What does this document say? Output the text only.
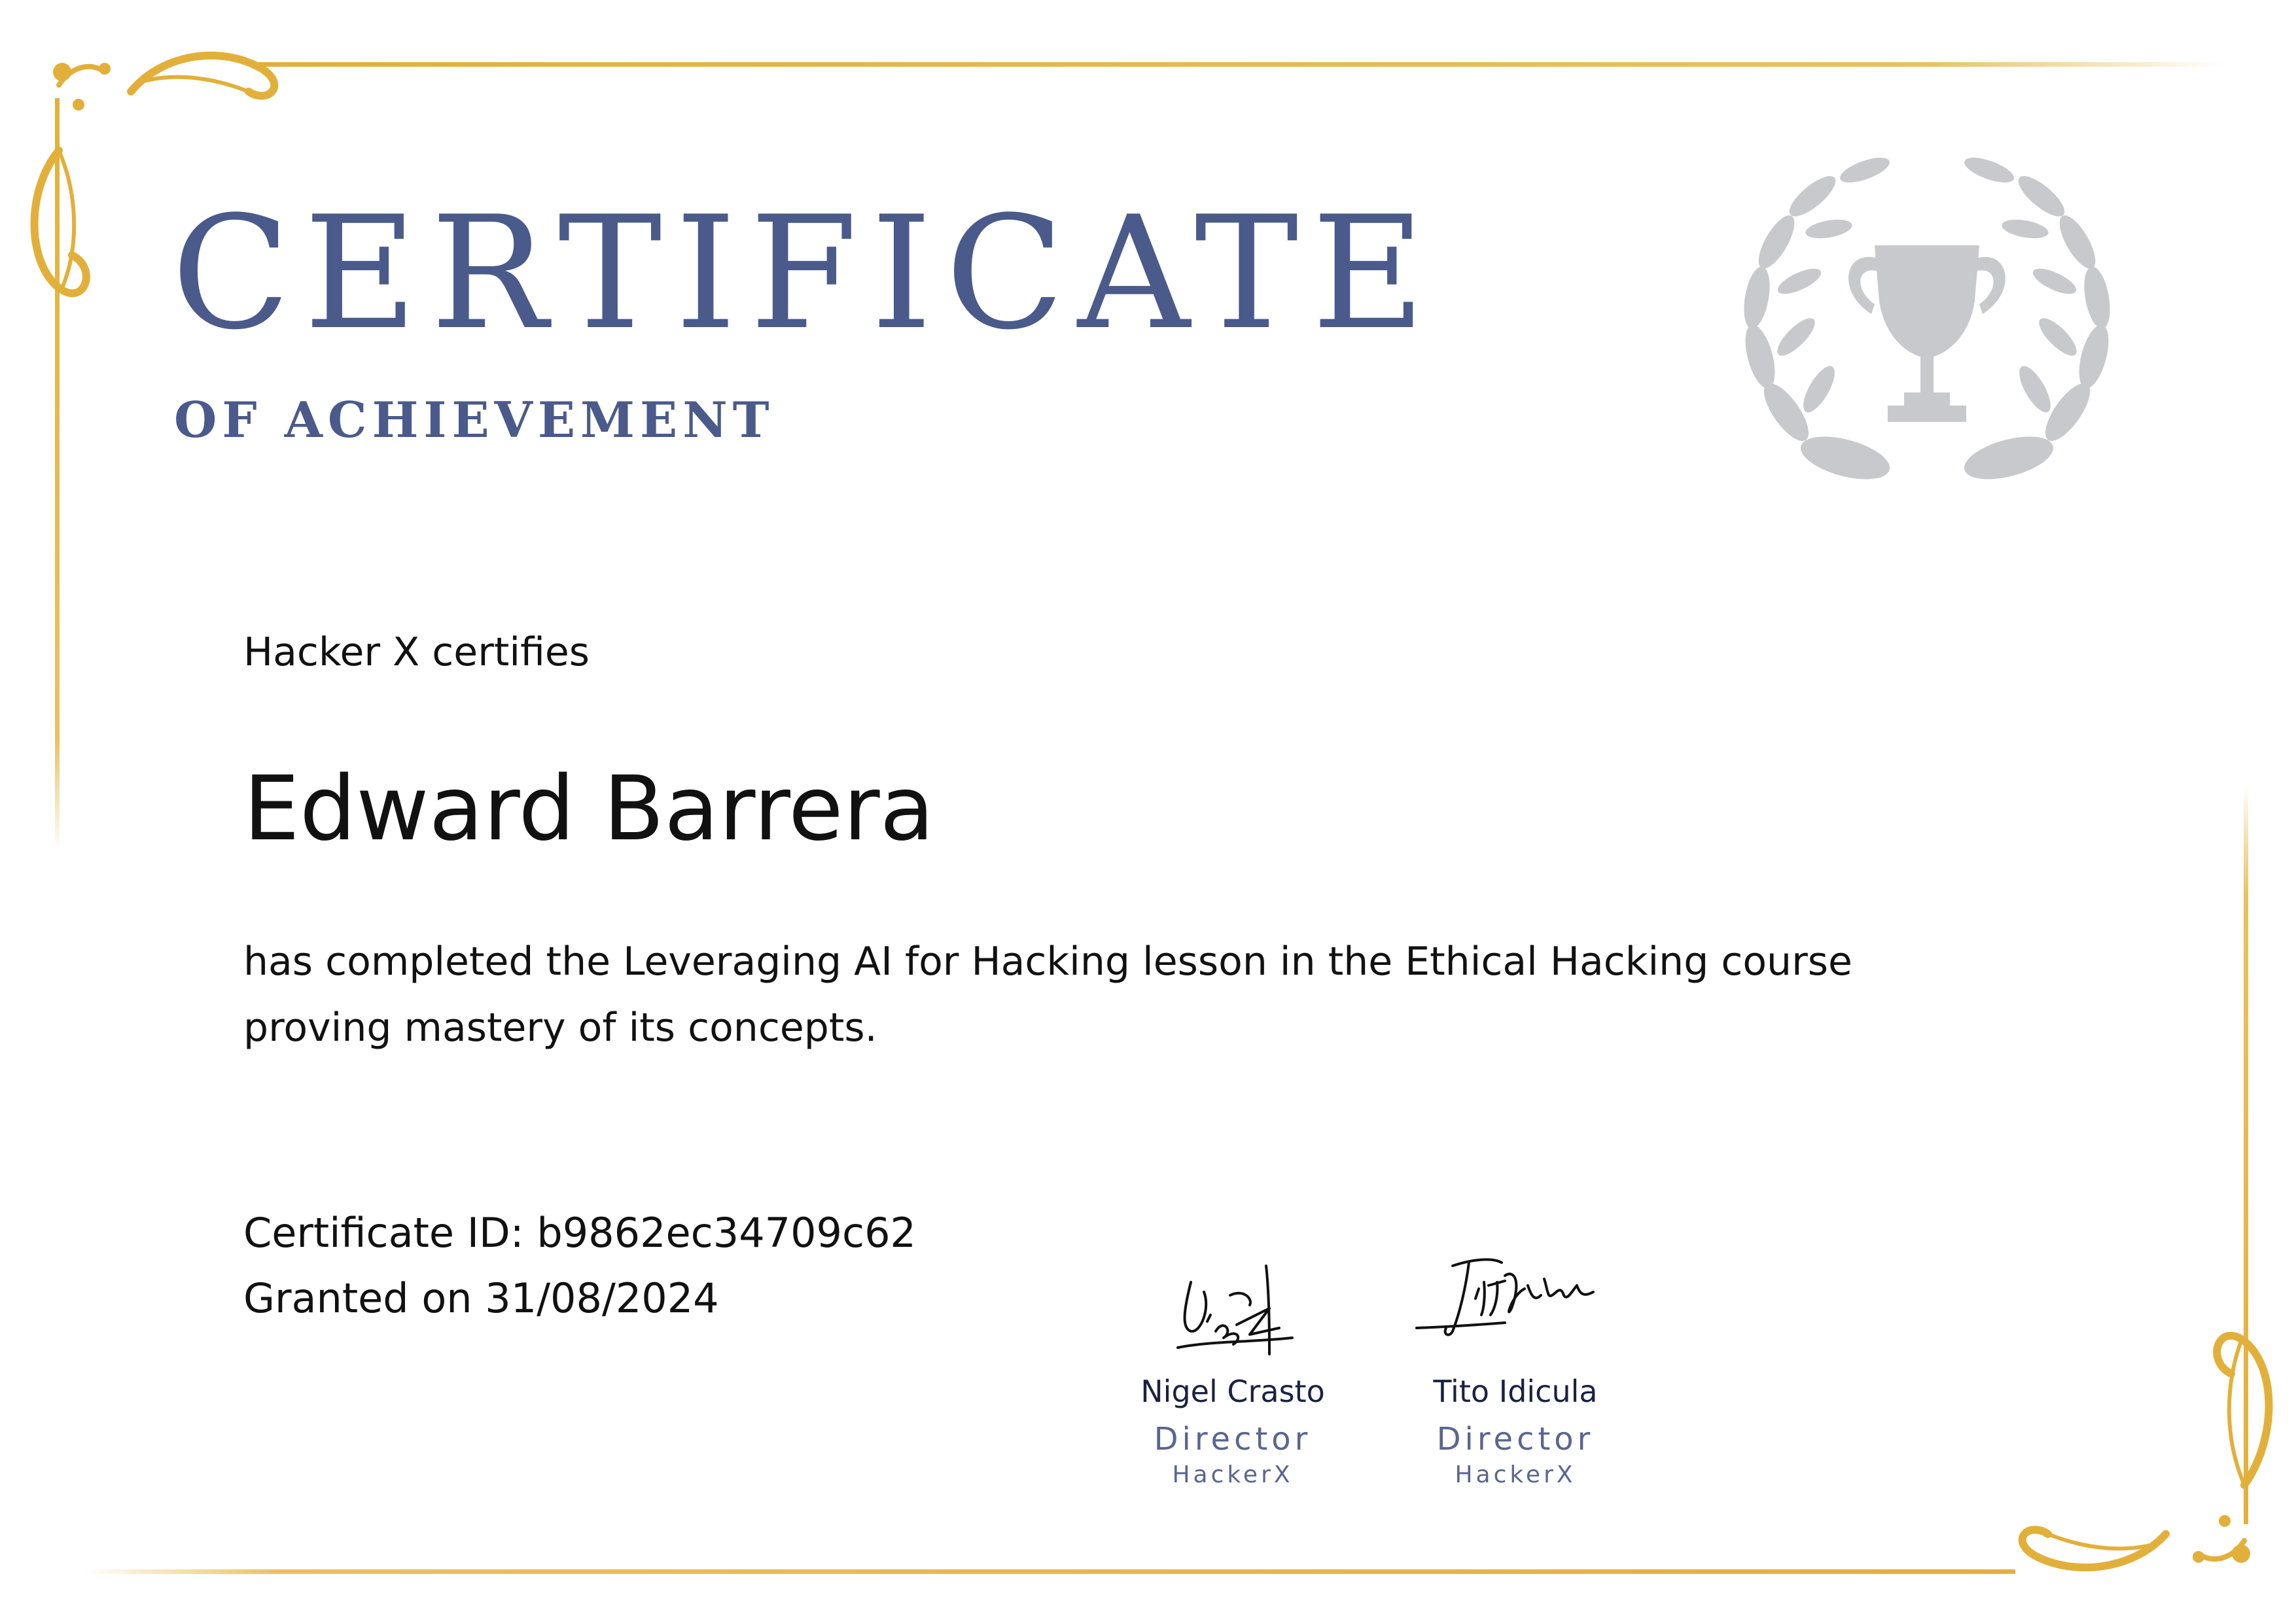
CERTIFICATE
OF ACHIEVEMENT
Hacker X certifies
Edward Barrera
has completed the Leveraging AI for Hacking lesson in the Ethical Hacking course
proving mastery of its concepts.
Certificate ID: b9862ec34709c62
Granted on 31/08/2024
Nigel Crasto
Director
HackerX
Tito Idicula
Director
HackerX
